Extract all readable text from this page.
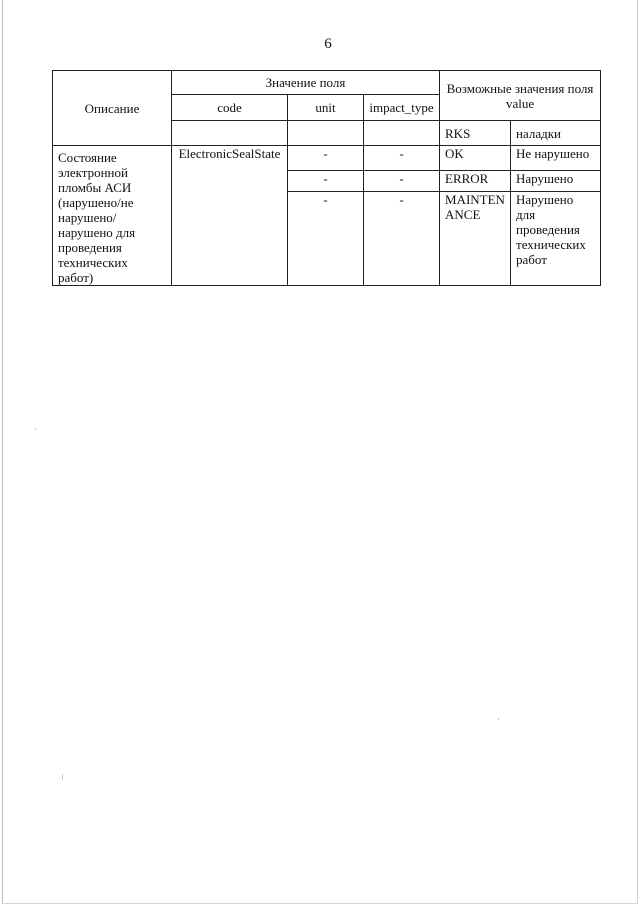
6
Описание	Значение поля			Возможные значения поля value	
	code	unit	impact_type		
				RKS	наладки
Состояние электронной пломбы АСИ (нарушено/не нарушено/ нарушено для проведения технических работ)	ElectronicSealState	-	-	OK	Не нарушено
		-	-	ERROR	Нарушено
		-	-	MAINTENANCE	Нарушено для проведения технических работ
